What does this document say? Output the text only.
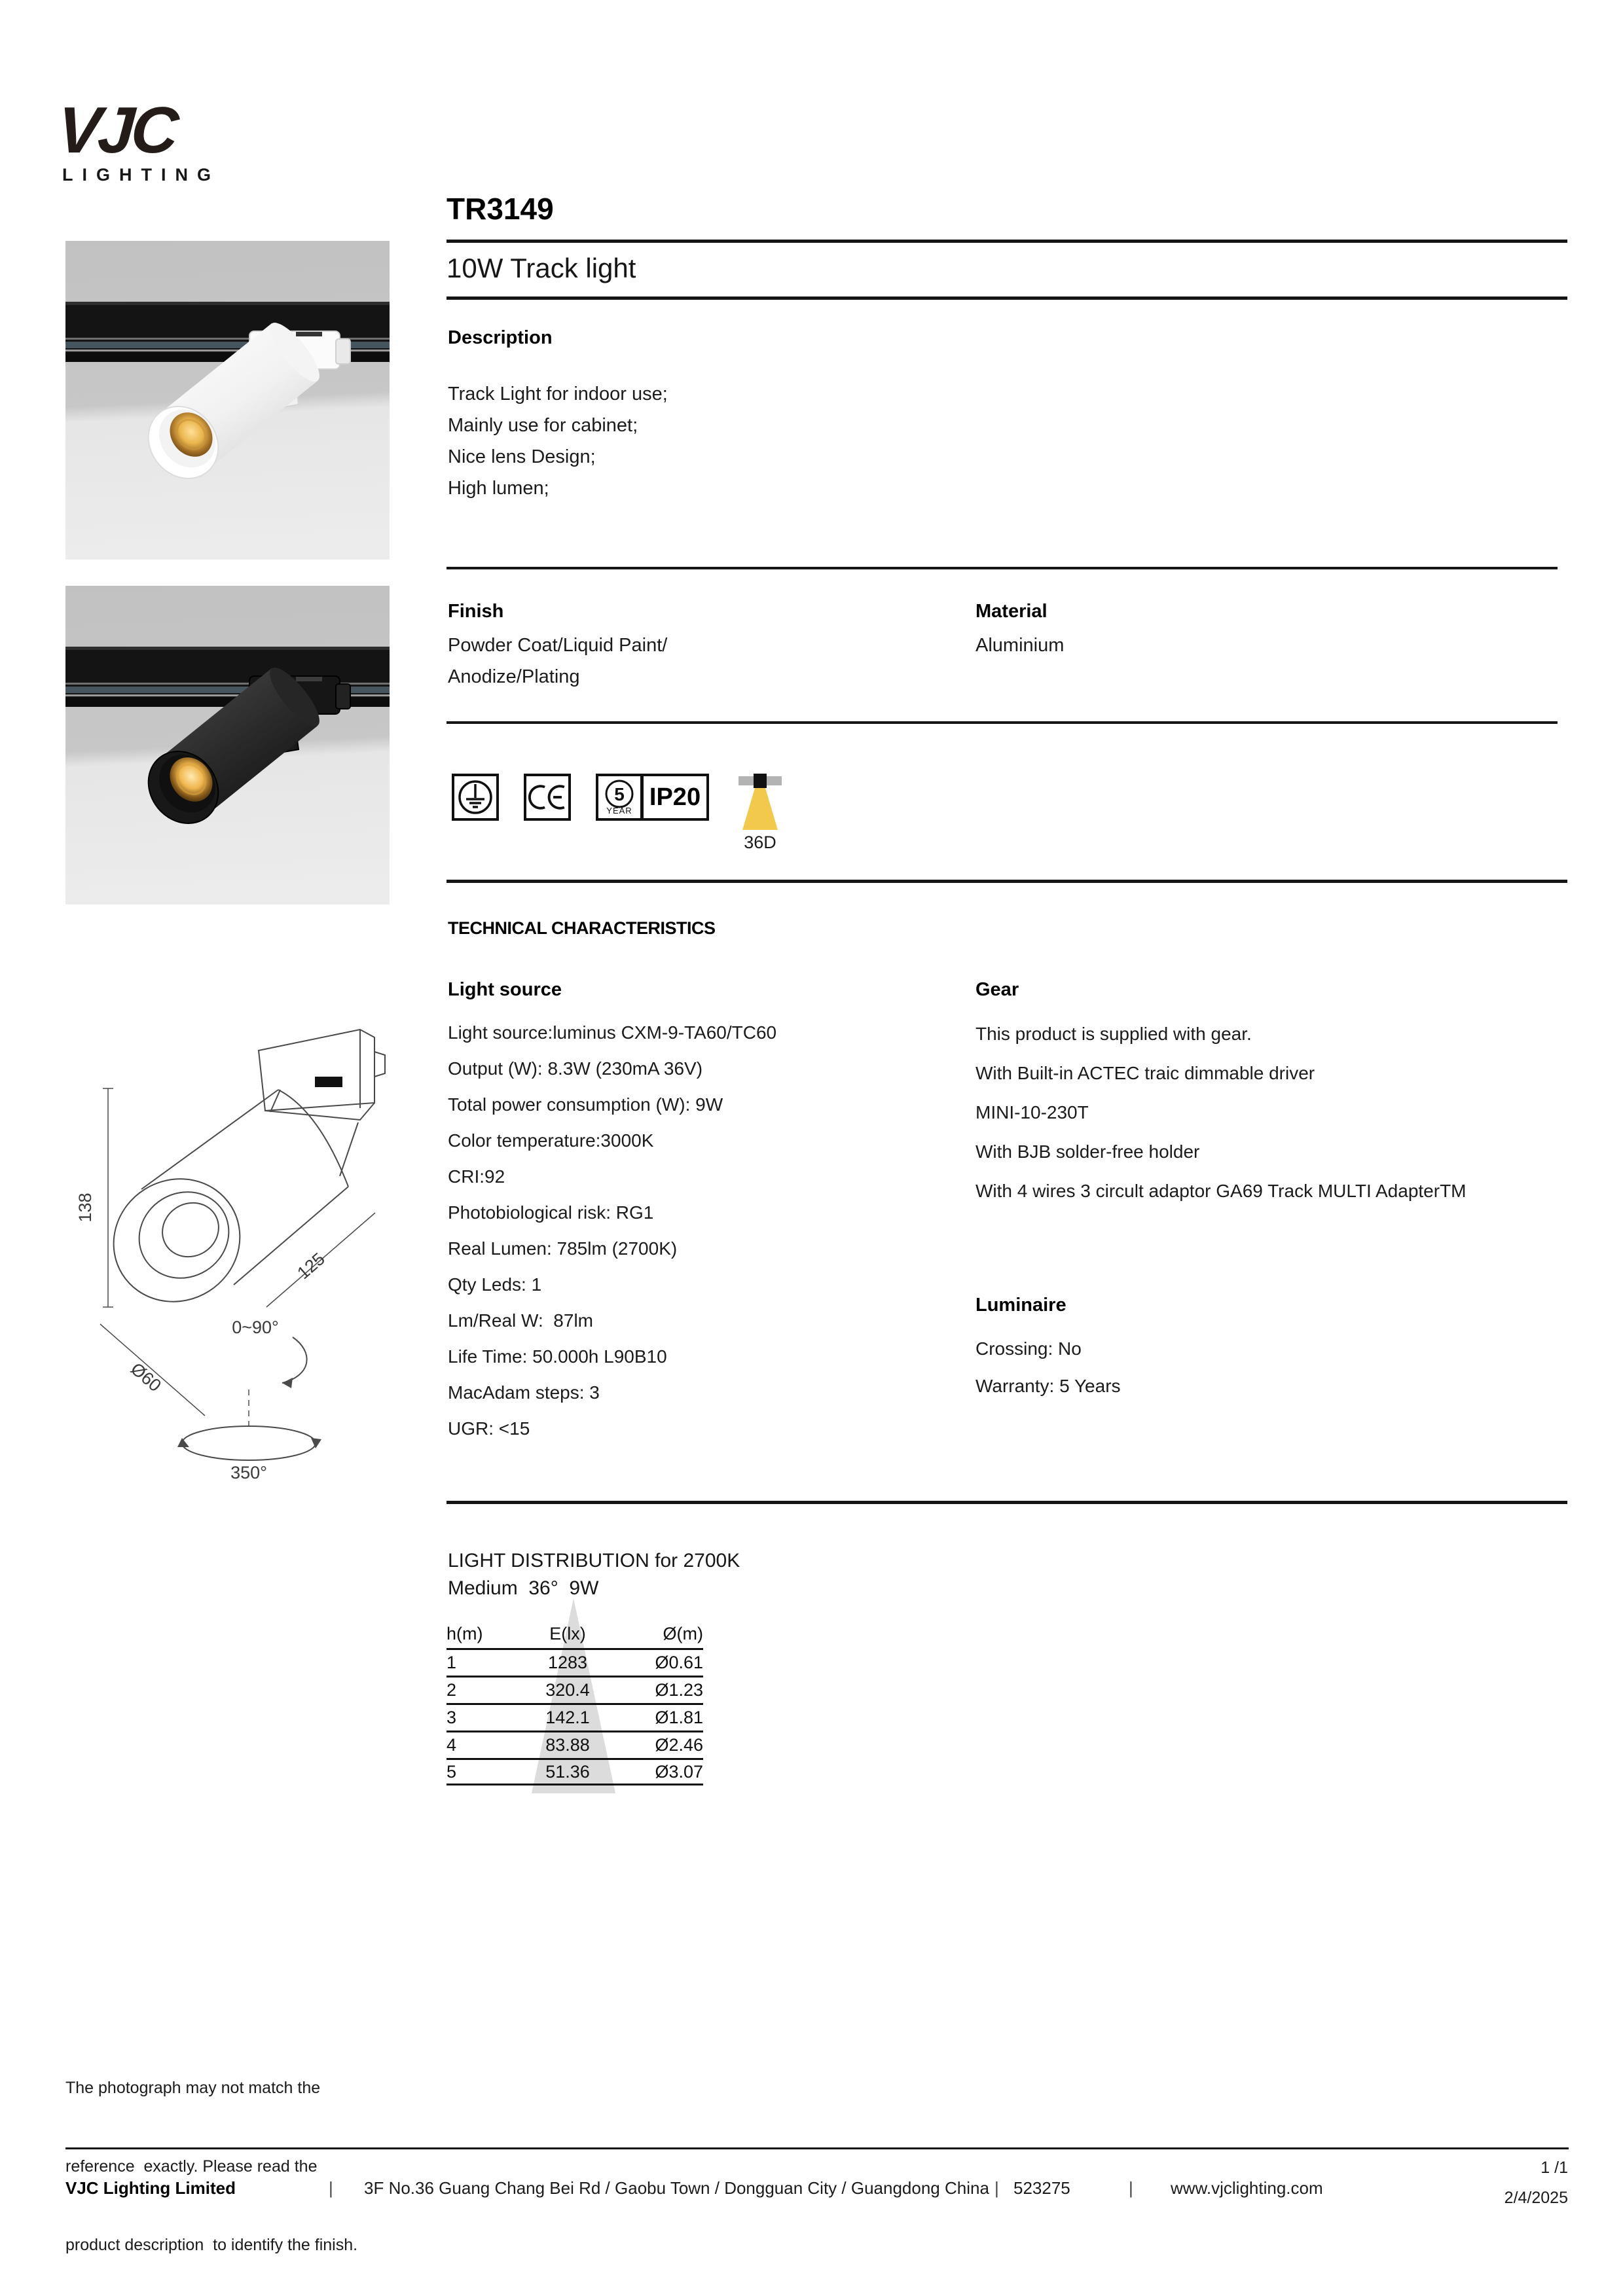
VJC
LIGHTING
TR3149
10W Track light
Description
Track Light for indoor use;
Mainly use for cabinet;
Nice lens Design;
High lumen;
Finish
Powder Coat/Liquid Paint/
Anodize/Plating
Material
Aluminium
5
YEAR IP20
36D
TECHNICAL CHARACTERISTICS
Light source
Light source:luminus CXM-9-TA60/TC60
Output (W): 8.3W (230mA 36V)
Total power consumption (W): 9W
Color temperature:3000K
CRI:92
Photobiological risk: RG1
Real Lumen: 785lm (2700K)
Qty Leds: 1
Lm/Real W:  87lm
Life Time: 50.000h L90B10
MacAdam steps: 3
UGR: <15
Gear
This product is supplied with gear.
With Built-in ACTEC traic dimmable driver
MINI-10-230T
With BJB solder-free holder
With 4 wires 3 circult adaptor GA69 Track MULTI AdapterTM
Luminaire
Crossing: No
Warranty: 5 Years
138
125
Ø60
0~90°
350°
LIGHT DISTRIBUTION for 2700K
Medium  36°  9W
h(m)	E(lx)	Ø(m)
1	1283	Ø0.61
2	320.4	Ø1.23
3	142.1	Ø1.81
4	83.88	Ø2.46
5	51.36	Ø3.07

The photograph may not match the

reference  exactly. Please read the

product description  to identify the finish.

VJC Lighting Limited	| 3F No.36 Guang Chang Bei Rd / Gaobu Town / Dongguan City / Guangdong China | 523275	| www.vjclighting.com
1 /1
2/4/2025
